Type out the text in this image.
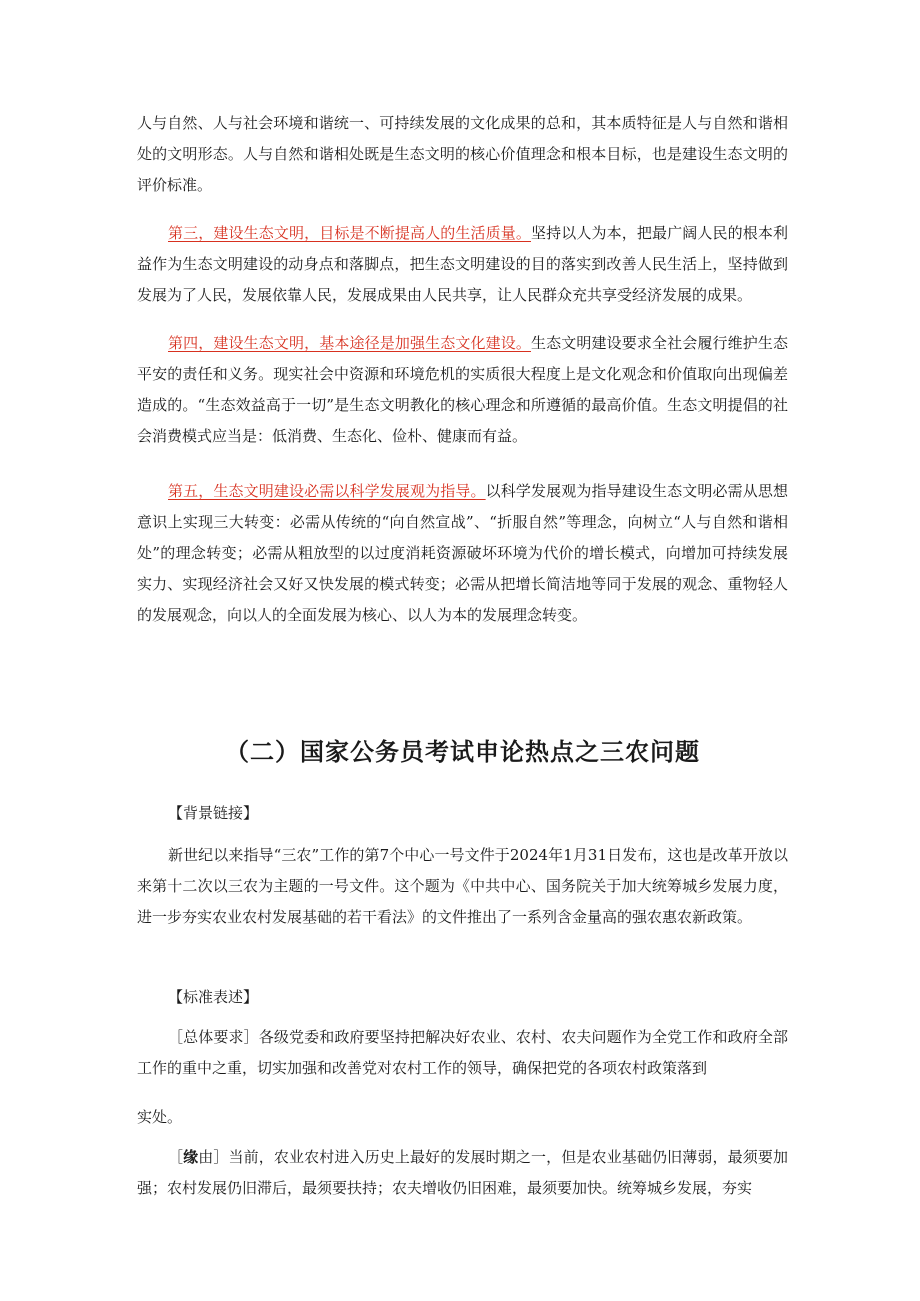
人与自然、人与社会环境和谐统一、可持续发展的文化成果的总和，其本质特征是人与自然和谐相处的文明形态。人与自然和谐相处既是生态文明的核心价值理念和根本目标，也是建设生态文明的评价标准。

第三，建设生态文明，目标是不断提高人的生活质量。坚持以人为本，把最广阔人民的根本利益作为生态文明建设的动身点和落脚点，把生态文明建设的目的落实到改善人民生活上，坚持做到发展为了人民，发展依靠人民，发展成果由人民共享，让人民群众充共享受经济发展的成果。

第四，建设生态文明，基本途径是加强生态文化建设。生态文明建设要求全社会履行维护生态平安的责任和义务。现实社会中资源和环境危机的实质很大程度上是文化观念和价值取向出现偏差造成的。“生态效益高于一切”是生态文明教化的核心理念和所遵循的最高价值。生态文明提倡的社会消费模式应当是：低消费、生态化、俭朴、健康而有益。

第五，生态文明建设必需以科学发展观为指导。以科学发展观为指导建设生态文明必需从思想意识上实现三大转变：必需从传统的“向自然宣战”、“折服自然”等理念，向树立“人与自然和谐相处”的理念转变；必需从粗放型的以过度消耗资源破坏环境为代价的增长模式，向增加可持续发展实力、实现经济社会又好又快发展的模式转变；必需从把增长简洁地等同于发展的观念、重物轻人的发展观念，向以人的全面发展为核心、以人为本的发展理念转变。

（二）国家公务员考试申论热点之三农问题

【背景链接】

新世纪以来指导“三农”工作的第7个中心一号文件于2024年1月31日发布，这也是改革开放以来第十二次以三农为主题的一号文件。这个题为《中共中心、国务院关于加大统筹城乡发展力度，进一步夯实农业农村发展基础的若干看法》的文件推出了一系列含金量高的强农惠农新政策。

【标准表述】

［总体要求］各级党委和政府要坚持把解决好农业、农村、农夫问题作为全党工作和政府全部工作的重中之重，切实加强和改善党对农村工作的领导，确保把党的各项农村政策落到

实处。

［缘由］当前，农业农村进入历史上最好的发展时期之一，但是农业基础仍旧薄弱，最须要加强；农村发展仍旧滞后，最须要扶持；农夫增收仍旧困难，最须要加快。统筹城乡发展，夯实
